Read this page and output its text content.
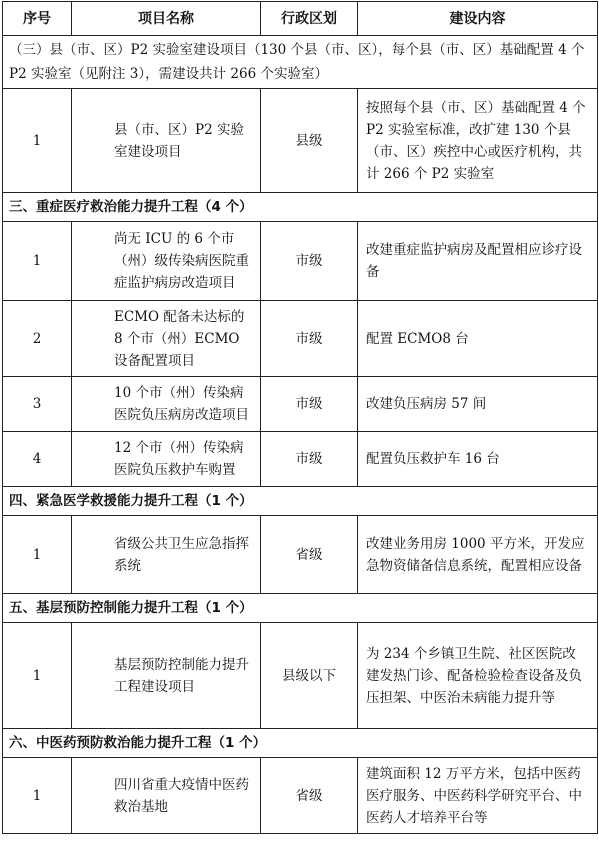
序号	项目名称	行政区划	建设内容
（三）县（市、区）P2 实验室建设项目（130 个县（市、区），每个县（市、区）基础配置 4 个 P2 实验室（见附注 3），需建设共计 266 个实验室）			
1	县（市、区）P2 实验室建设项目	县级	按照每个县（市、区）基础配置 4 个 P2 实验室标准，改扩建 130 个县（市、区）疾控中心或医疗机构，共计 266 个 P2 实验室
三、重症医疗救治能力提升工程（4 个）			
1	尚无 ICU 的 6 个市（州）级传染病医院重症监护病房改造项目	市级	改建重症监护病房及配置相应诊疗设备
2	ECMO 配备未达标的 8 个市（州）ECMO 设备配置项目	市级	配置 ECMO8 台
3	10 个市（州）传染病医院负压病房改造项目	市级	改建负压病房 57 间
4	12 个市（州）传染病医院负压救护车购置	市级	配置负压救护车 16 台
四、紧急医学救援能力提升工程（1 个）			
1	省级公共卫生应急指挥系统	省级	改建业务用房 1000 平方米，开发应急物资储备信息系统，配置相应设备
五、基层预防控制能力提升工程（1 个）			
1	基层预防控制能力提升工程建设项目	县级以下	为 234 个乡镇卫生院、社区医院改建发热门诊、配备检验检查设备及负压担架、中医治未病能力提升等
六、中医药预防救治能力提升工程（1 个）			
1	四川省重大疫情中医药救治基地	省级	建筑面积 12 万平方米，包括中医药医疗服务、中医药科学研究平台、中医药人才培养平台等
